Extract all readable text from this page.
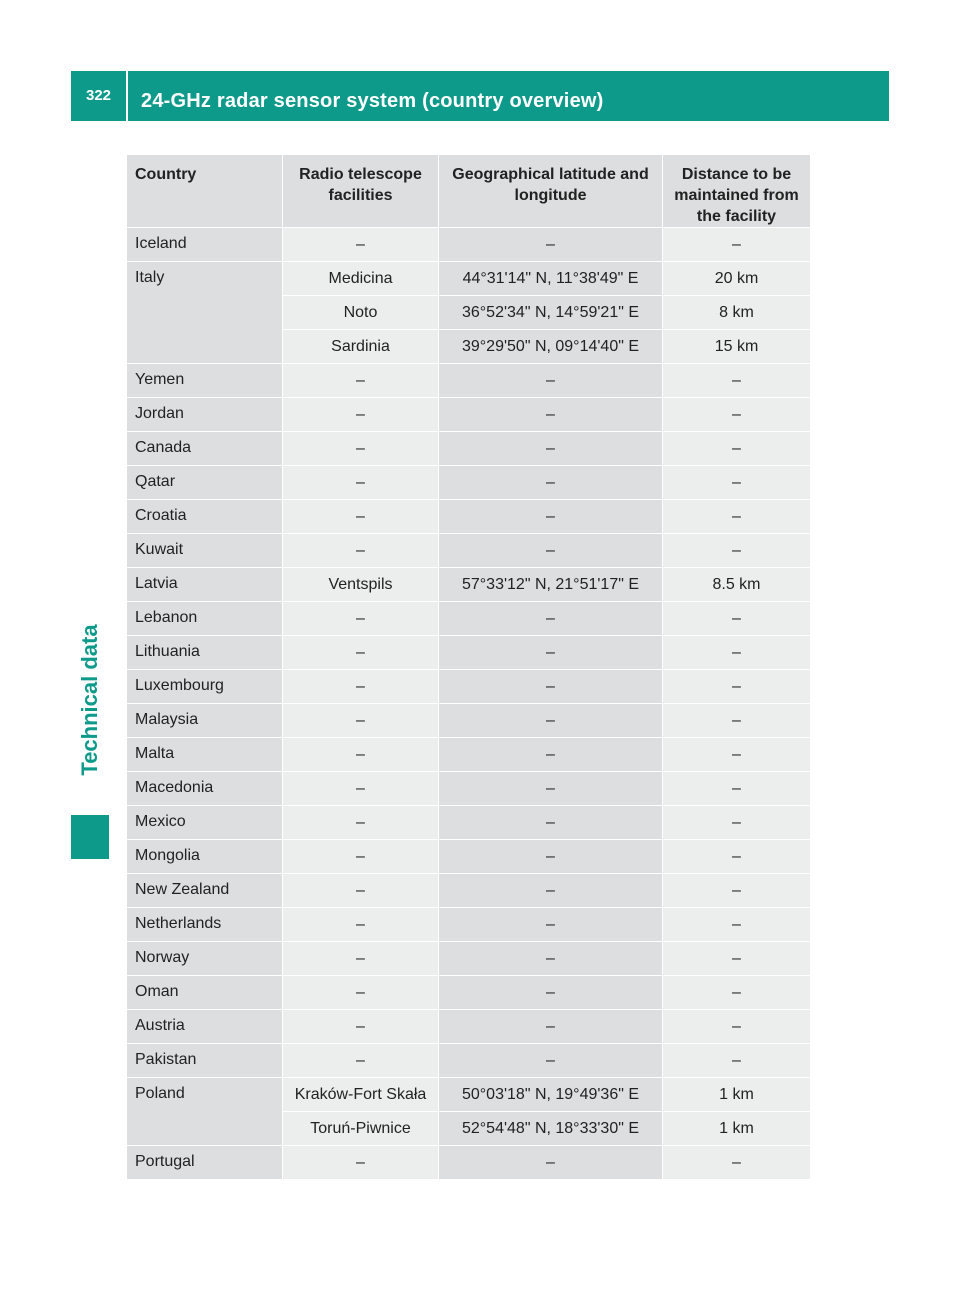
322	24-GHz radar sensor system (country overview)
Technical data
Country	Radio telescope facilities	Geographical latitude and longitude	Distance to be maintained from the facility
Iceland	–	–	–
Italy	Medicina	44°31'14" N, 11°38'49" E	20 km
	Noto	36°52'34" N, 14°59'21" E	8 km
	Sardinia	39°29'50" N, 09°14'40" E	15 km
Yemen	–	–	–
Jordan	–	–	–
Canada	–	–	–
Qatar	–	–	–
Croatia	–	–	–
Kuwait	–	–	–
Latvia	Ventspils	57°33'12" N, 21°51'17" E	8.5 km
Lebanon	–	–	–
Lithuania	–	–	–
Luxembourg	–	–	–
Malaysia	–	–	–
Malta	–	–	–
Macedonia	–	–	–
Mexico	–	–	–
Mongolia	–	–	–
New Zealand	–	–	–
Netherlands	–	–	–
Norway	–	–	–
Oman	–	–	–
Austria	–	–	–
Pakistan	–	–	–
Poland	Kraków-Fort Skała	50°03'18" N, 19°49'36" E	1 km
	Toruń-Piwnice	52°54'48" N, 18°33'30" E	1 km
Portugal	–	–	–
